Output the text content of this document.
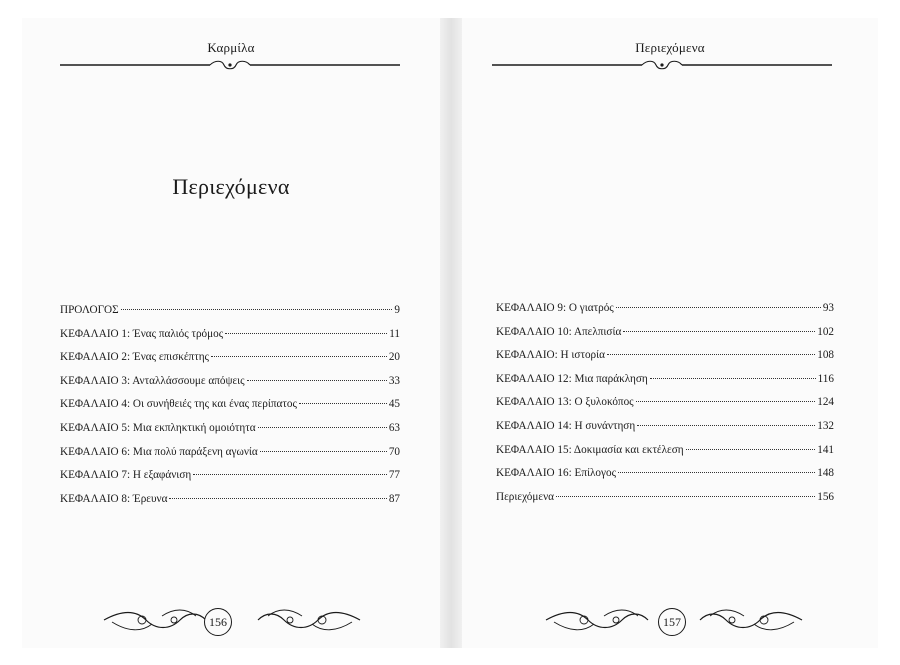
Καρμίλα
Περιεχόμενα
ΠΡΟΛΟΓΟΣ	9
ΚΕΦΑΛΑΙΟ 1: Ένας παλιός τρόμος	11
ΚΕΦΑΛΑΙΟ 2: Ένας επισκέπτης	20
ΚΕΦΑΛΑΙΟ 3: Ανταλλάσσουμε απόψεις	33
ΚΕΦΑΛΑΙΟ 4: Οι συνήθειές της και ένας περίπατος	45
ΚΕΦΑΛΑΙΟ 5: Μια εκπληκτική ομοιότητα	63
ΚΕΦΑΛΑΙΟ 6: Μια πολύ παράξενη αγωνία	70
ΚΕΦΑΛΑΙΟ 7: Η εξαφάνιση	77
ΚΕΦΑΛΑΙΟ 8: Έρευνα	87
156
Περιεχόμενα
ΚΕΦΑΛΑΙΟ 9: Ο γιατρός	93
ΚΕΦΑΛΑΙΟ 10: Απελπισία	102
ΚΕΦΑΛΑΙΟ: Η ιστορία	108
ΚΕΦΑΛΑΙΟ 12: Μια παράκληση	116
ΚΕΦΑΛΑΙΟ 13: Ο ξυλοκόπος	124
ΚΕΦΑΛΑΙΟ 14: Η συνάντηση	132
ΚΕΦΑΛΑΙΟ 15: Δοκιμασία και εκτέλεση	141
ΚΕΦΑΛΑΙΟ 16: Επίλογος	148
Περιεχόμενα	156
157
